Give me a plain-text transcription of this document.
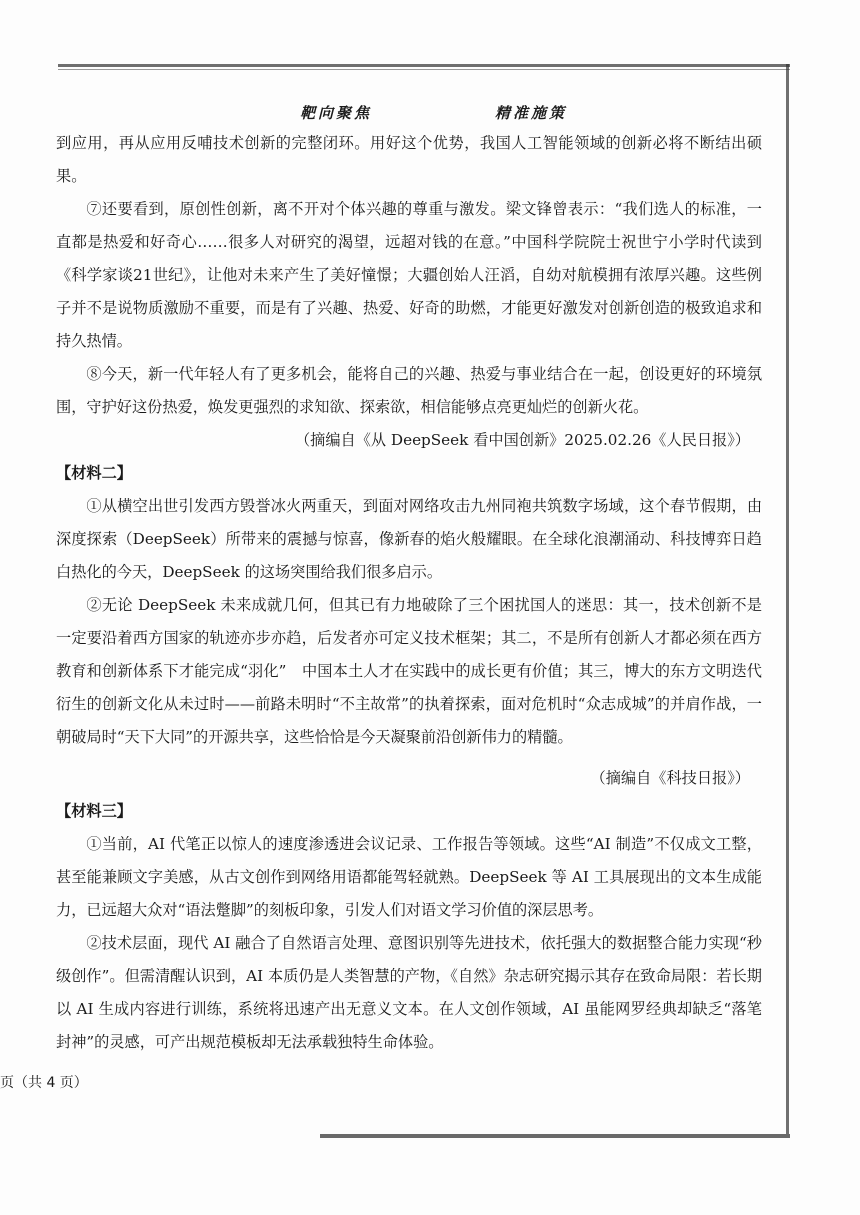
靶向聚焦	精准施策

到应用，再从应用反哺技术创新的完整闭环。用好这个优势，我国人工智能领域的创新必将不断结出硕果。

⑦还要看到，原创性创新，离不开对个体兴趣的尊重与激发。梁文锋曾表示：“我们选人的标准，一直都是热爱和好奇心……很多人对研究的渴望，远超对钱的在意。”中国科学院院士祝世宁小学时代读到《科学家谈21世纪》，让他对未来产生了美好憧憬；大疆创始人汪滔，自幼对航模拥有浓厚兴趣。这些例子并不是说物质激励不重要，而是有了兴趣、热爱、好奇的助燃，才能更好激发对创新创造的极致追求和持久热情。

⑧今天，新一代年轻人有了更多机会，能将自己的兴趣、热爱与事业结合在一起，创设更好的环境氛围，守护好这份热爱，焕发更强烈的求知欲、探索欲，相信能够点亮更灿烂的创新火花。

（摘编自《从 DeepSeek 看中国创新》2025.02.26《人民日报》）

【材料二】

①从横空出世引发西方毁誉冰火两重天，到面对网络攻击九州同袍共筑数字场域，这个春节假期，由深度探索（DeepSeek）所带来的震撼与惊喜，像新春的焰火般耀眼。在全球化浪潮涌动、科技博弈日趋白热化的今天，DeepSeek 的这场突围给我们很多启示。

②无论 DeepSeek 未来成就几何，但其已有力地破除了三个困扰国人的迷思：其一，技术创新不是一定要沿着西方国家的轨迹亦步亦趋，后发者亦可定义技术框架；其二，不是所有创新人才都必须在西方教育和创新体系下才能完成“羽化”　中国本土人才在实践中的成长更有价值；其三，博大的东方文明迭代衍生的创新文化从未过时——前路未明时“不主故常”的执着探索，面对危机时“众志成城”的并肩作战，一朝破局时“天下大同”的开源共享，这些恰恰是今天凝聚前沿创新伟力的精髓。

（摘编自《科技日报》）

【材料三】

①当前，AI 代笔正以惊人的速度渗透进会议记录、工作报告等领域。这些“AI 制造”不仅成文工整，甚至能兼顾文字美感，从古文创作到网络用语都能驾轻就熟。DeepSeek 等 AI 工具展现出的文本生成能力，已远超大众对“语法蹩脚”的刻板印象，引发人们对语文学习价值的深层思考。

②技术层面，现代 AI 融合了自然语言处理、意图识别等先进技术，依托强大的数据整合能力实现“秒级创作”。但需清醒认识到，AI 本质仍是人类智慧的产物，《自然》杂志研究揭示其存在致命局限：若长期以 AI 生成内容进行训练，系统将迅速产出无意义文本。在人文创作领域，AI 虽能网罗经典却缺乏“落笔封神”的灵感，可产出规范模板却无法承载独特生命体验。

页（共 4 页）
